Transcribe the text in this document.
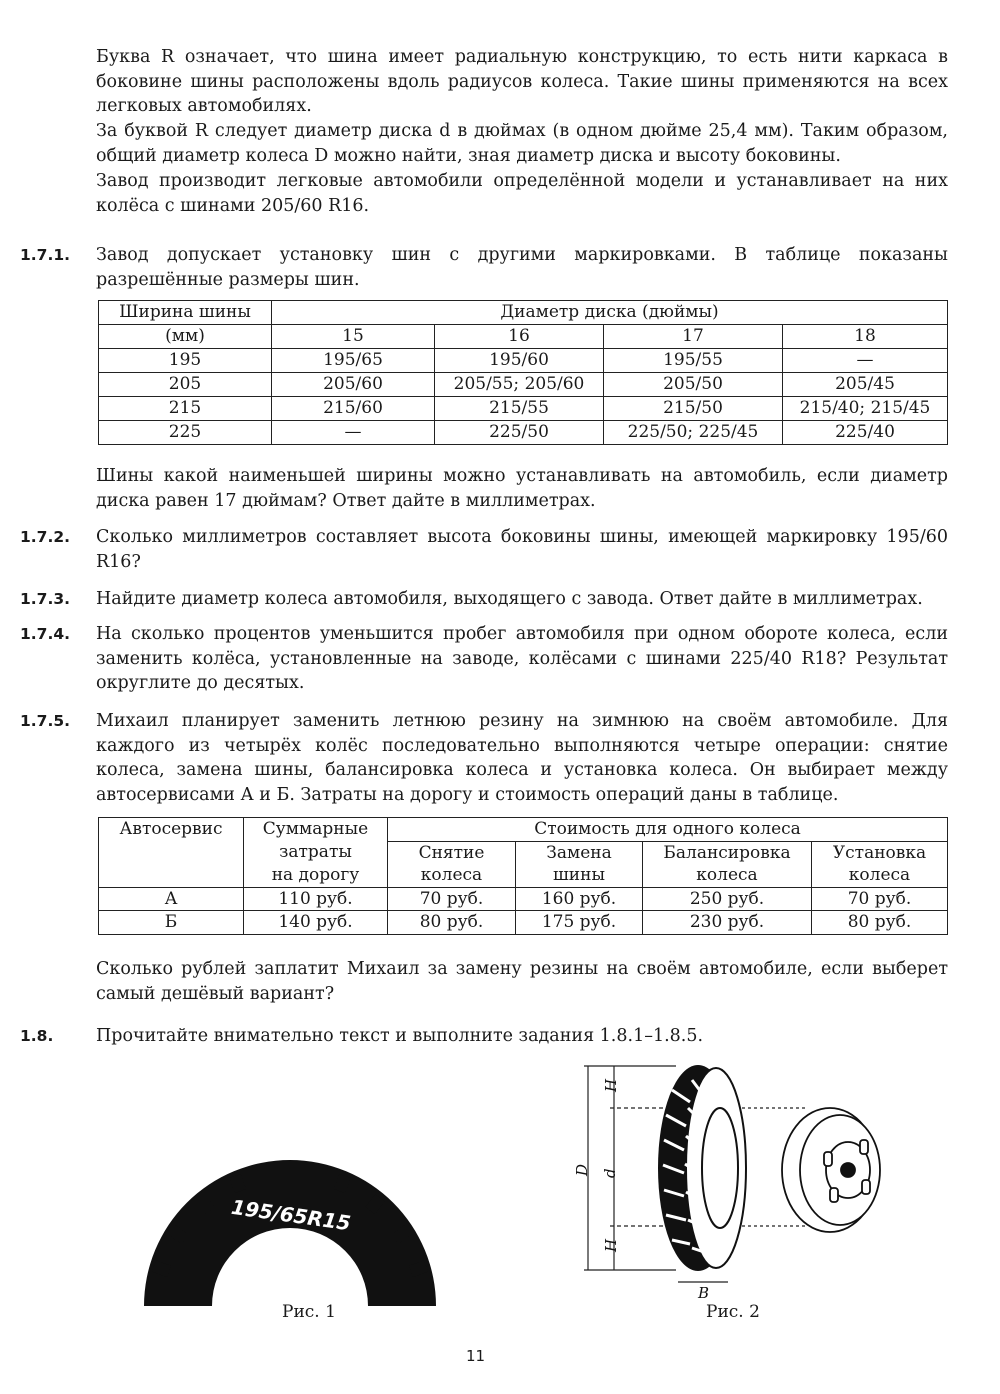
Буква R означает, что шина имеет радиальную конструкцию, то есть нити каркаса в боковине шины расположены вдоль радиусов колеса. Такие шины применяются на всех легковых автомобилях.

За буквой R следует диаметр диска d в дюймах (в одном дюйме 25,4 мм). Таким образом, общий диаметр колеса D можно найти, зная диаметр диска и высоту боковины.

Завод производит легковые автомобили определённой модели и устанавливает на них колёса с шинами 205/60 R16.

1.7.1. Завод допускает установку шин с другими маркировками. В таблице показаны разрешённые размеры шин.

Ширина шины	Диаметр диска (дюймы)			
(мм)	15	16	17	18
195	195/65	195/60	195/55	—
205	205/60	205/55; 205/60	205/50	205/45
215	215/60	215/55	215/50	215/40; 215/45
225	—	225/50	225/50; 225/45	225/40

Шины какой наименьшей ширины можно устанавливать на автомобиль, если диаметр диска равен 17 дюймам? Ответ дайте в миллиметрах.

1.7.2. Сколько миллиметров составляет высота боковины шины, имеющей маркировку 195/60 R16?

1.7.3. Найдите диаметр колеса автомобиля, выходящего с завода. Ответ дайте в миллиметрах.

1.7.4. На сколько процентов уменьшится пробег автомобиля при одном обороте колеса, если заменить колёса, установленные на заводе, колёсами с шинами 225/40 R18? Результат округлите до десятых.

1.7.5. Михаил планирует заменить летнюю резину на зимнюю на своём автомобиле. Для каждого из четырёх колёс последовательно выполняются четыре операции: снятие колеса, замена шины, балансировка колеса и установка колеса. Он выбирает между автосервисами А и Б. Затраты на дорогу и стоимость операций даны в таблице.

Автосервис	Суммарные	Стоимость для одного колеса			
	затраты	Снятие	Замена	Балансировка	Установка
	на дорогу	колеса	шины	колеса	колеса
А	110 руб.	70 руб.	160 руб.	250 руб.	70 руб.
Б	140 руб.	80 руб.	175 руб.	230 руб.	80 руб.

Сколько рублей заплатит Михаил за замену резины на своём автомобиле, если выберет самый дешёвый вариант?

1.8. Прочитайте внимательно текст и выполните задания 1.8.1–1.8.5.

195/65R15
Рис. 1
D d
H
H
B
Рис. 2
11
